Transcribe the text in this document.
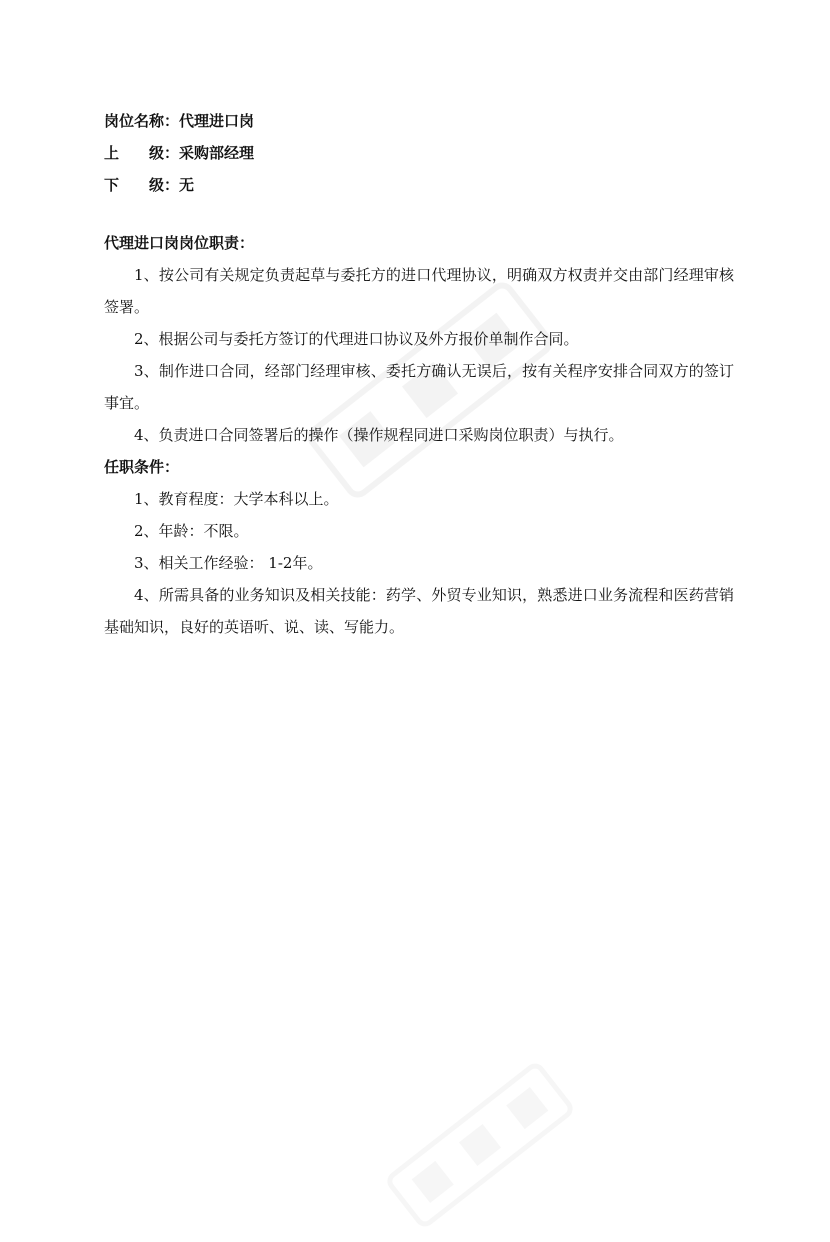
岗位名称：代理进口岗
上　　级：采购部经理
下　　级：无
代理进口岗岗位职责：

1、按公司有关规定负责起草与委托方的进口代理协议，明确双方权责并交由部门经理审核签署。

2、根据公司与委托方签订的代理进口协议及外方报价单制作合同。

3、制作进口合同，经部门经理审核、委托方确认无误后，按有关程序安排合同双方的签订事宜。

4、负责进口合同签署后的操作（操作规程同进口采购岗位职责）与执行。

任职条件：

1、教育程度：大学本科以上。

2、年龄：不限。

3、相关工作经验： 1-2年。

4、所需具备的业务知识及相关技能：药学、外贸专业知识，熟悉进口业务流程和医药营销基础知识，良好的英语听、说、读、写能力。
